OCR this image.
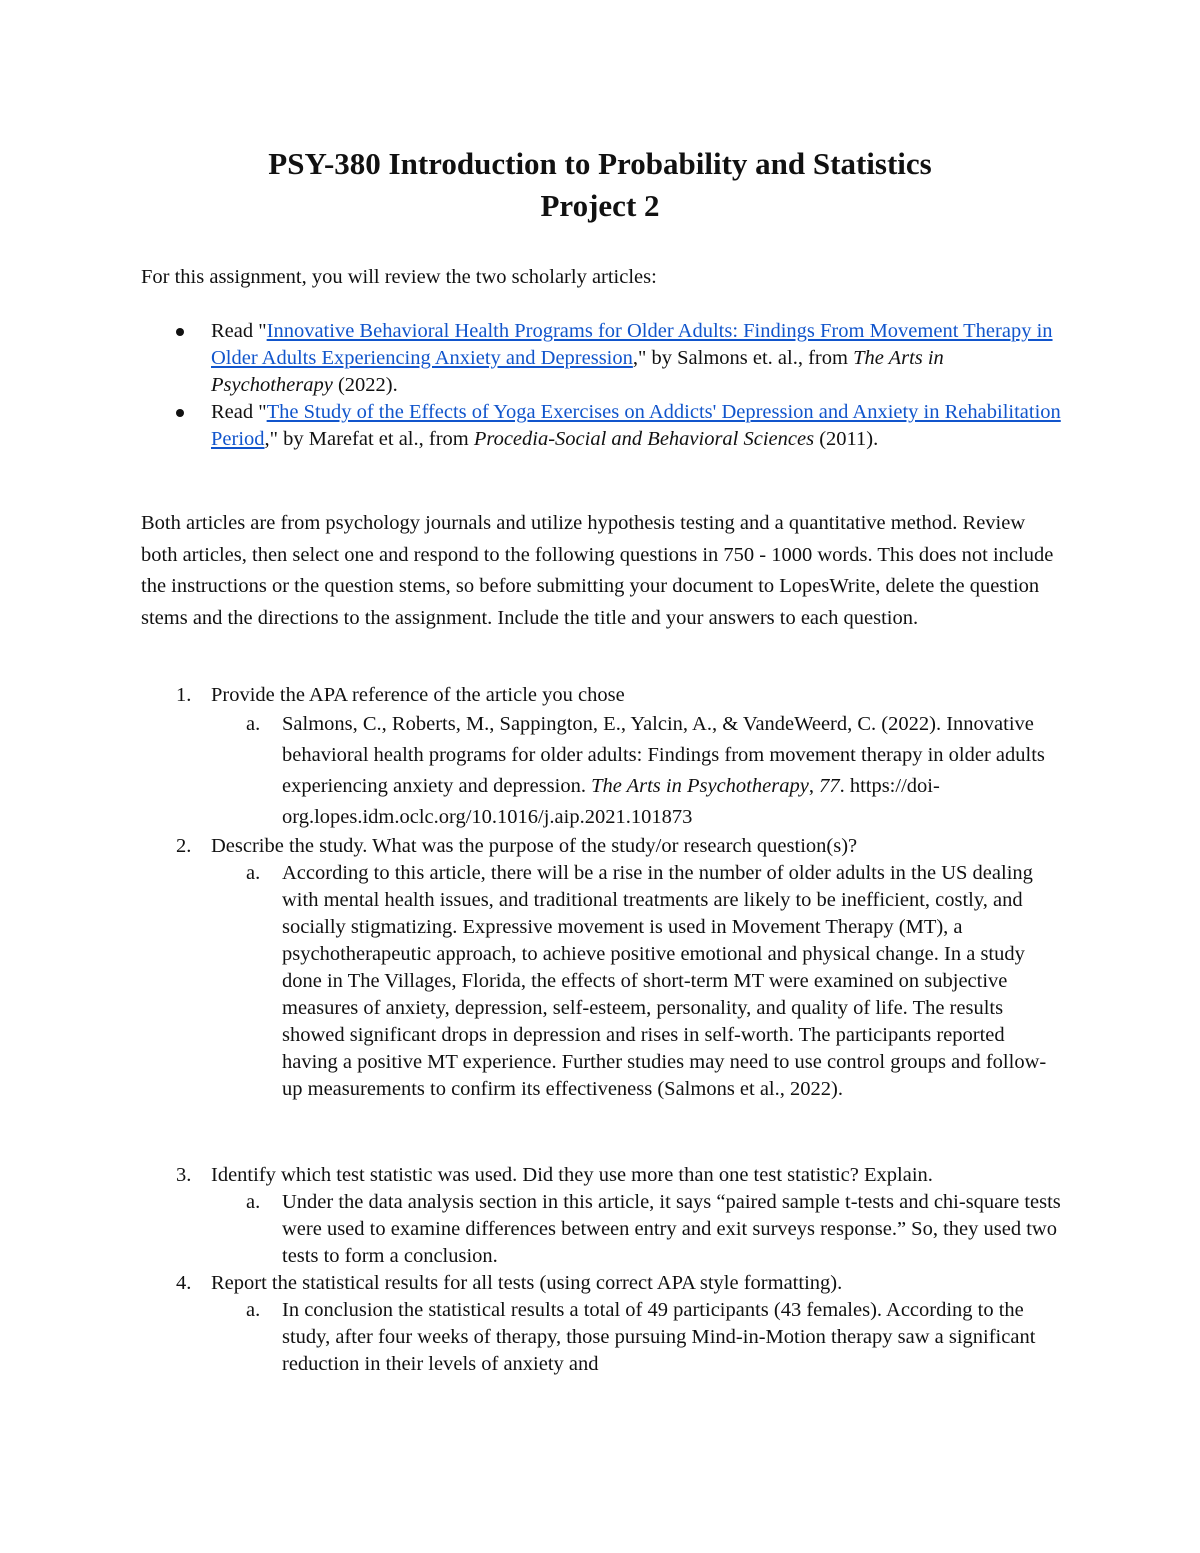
PSY-380 Introduction to Probability and Statistics
Project 2

For this assignment, you will review the two scholarly articles:

Read "Innovative Behavioral Health Programs for Older Adults: Findings From Movement Therapy in Older Adults Experiencing Anxiety and Depression," by Salmons et. al., from The Arts in Psychotherapy (2022).
Read "The Study of the Effects of Yoga Exercises on Addicts' Depression and Anxiety in Rehabilitation Period," by Marefat et al., from Procedia-Social and Behavioral Sciences (2011).

Both articles are from psychology journals and utilize hypothesis testing and a quantitative method. Review both articles, then select one and respond to the following questions in 750 - 1000 words. This does not include the instructions or the question stems, so before submitting your document to LopesWrite, delete the question stems and the directions to the assignment. Include the title and your answers to each question.

1. Provide the APA reference of the article you chose

a. Salmons, C., Roberts, M., Sappington, E., Yalcin, A., & VandeWeerd, C. (2022). Innovative behavioral health programs for older adults: Findings from movement therapy in older adults experiencing anxiety and depression. The Arts in Psychotherapy, 77. https://doi-org.lopes.idm.oclc.org/10.1016/j.aip.2021.101873

2. Describe the study. What was the purpose of the study/or research question(s)?

a. According to this article, there will be a rise in the number of older adults in the US dealing with mental health issues, and traditional treatments are likely to be inefficient, costly, and socially stigmatizing. Expressive movement is used in Movement Therapy (MT), a psychotherapeutic approach, to achieve positive emotional and physical change. In a study done in The Villages, Florida, the effects of short-term MT were examined on subjective measures of anxiety, depression, self-esteem, personality, and quality of life. The results showed significant drops in depression and rises in self-worth. The participants reported having a positive MT experience. Further studies may need to use control groups and follow-up measurements to confirm its effectiveness (Salmons et al., 2022).

3. Identify which test statistic was used. Did they use more than one test statistic? Explain.

a. Under the data analysis section in this article, it says “paired sample t-tests and chi-square tests were used to examine differences between entry and exit surveys response.” So, they used two tests to form a conclusion.

4. Report the statistical results for all tests (using correct APA style formatting).

a. In conclusion the statistical results a total of 49 participants (43 females). According to the study, after four weeks of therapy, those pursuing Mind-in-Motion therapy saw a significant reduction in their levels of anxiety and
